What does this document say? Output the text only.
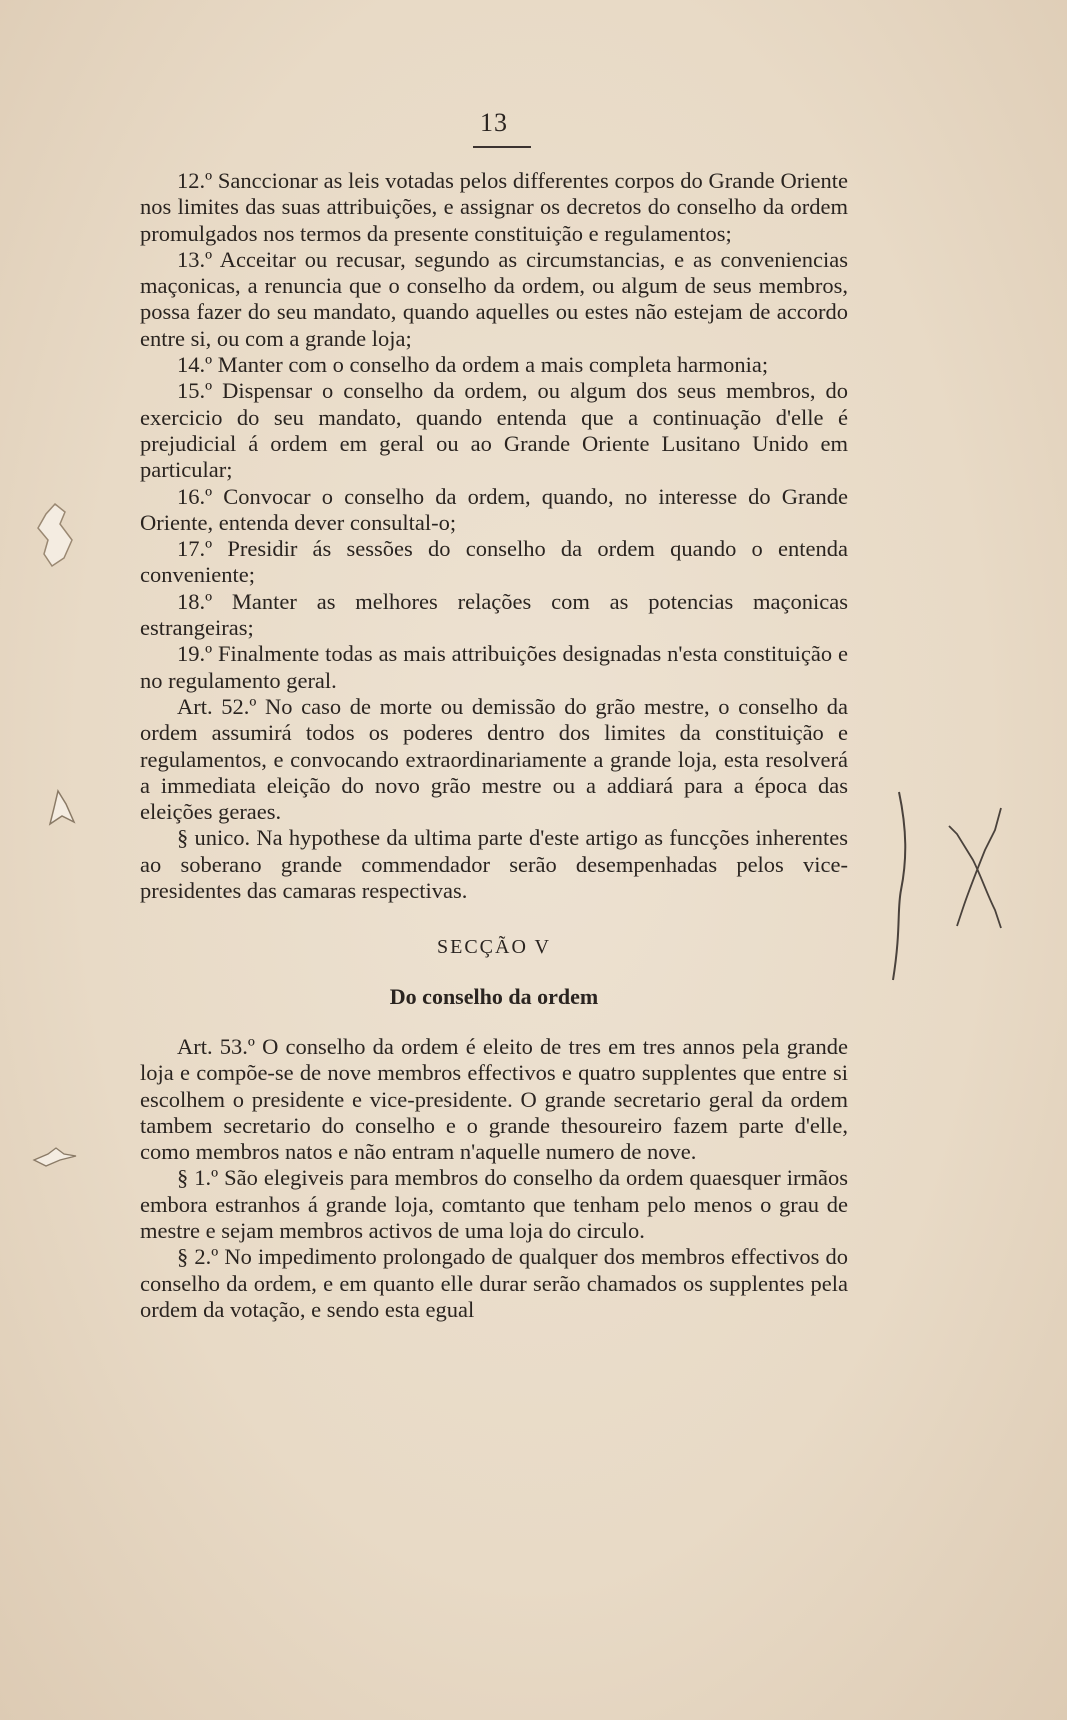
13

12.º Sanccionar as leis votadas pelos differentes corpos do Grande Oriente nos limites das suas attribuições, e assignar os decretos do conselho da ordem promulgados nos termos da presente constituição e regulamentos;

13.º Acceitar ou recusar, segundo as circumstancias, e as conveniencias maçonicas, a renuncia que o conselho da ordem, ou algum de seus membros, possa fazer do seu mandato, quando aquelles ou estes não estejam de accordo entre si, ou com a grande loja;

14.º Manter com o conselho da ordem a mais completa harmonia;

15.º Dispensar o conselho da ordem, ou algum dos seus membros, do exercicio do seu mandato, quando entenda que a continuação d'elle é prejudicial á ordem em geral ou ao Grande Oriente Lusitano Unido em particular;

16.º Convocar o conselho da ordem, quando, no interesse do Grande Oriente, entenda dever consultal-o;

17.º Presidir ás sessões do conselho da ordem quando o entenda conveniente;

18.º Manter as melhores relações com as potencias maçonicas estrangeiras;

19.º Finalmente todas as mais attribuições designadas n'esta constituição e no regulamento geral.

Art. 52.º No caso de morte ou demissão do grão mestre, o conselho da ordem assumirá todos os poderes dentro dos limites da constituição e regulamentos, e convocando extraordinariamente a grande loja, esta resolverá a immediata eleição do novo grão mestre ou a addiará para a época das eleições geraes.

§ unico. Na hypothese da ultima parte d'este artigo as funcções inherentes ao soberano grande commendador serão desempenhadas pelos vice-presidentes das camaras respectivas.

SECÇÃO V

Do conselho da ordem

Art. 53.º O conselho da ordem é eleito de tres em tres annos pela grande loja e compõe-se de nove membros effectivos e quatro supplentes que entre si escolhem o presidente e vice-presidente. O grande secretario geral da ordem tambem secretario do conselho e o grande thesoureiro fazem parte d'elle, como membros natos e não entram n'aquelle numero de nove.

§ 1.º São elegiveis para membros do conselho da ordem quaesquer irmãos embora estranhos á grande loja, comtanto que tenham pelo menos o grau de mestre e sejam membros activos de uma loja do circulo.

§ 2.º No impedimento prolongado de qualquer dos membros effectivos do conselho da ordem, e em quanto elle durar serão chamados os supplentes pela ordem da votação, e sendo esta egual
